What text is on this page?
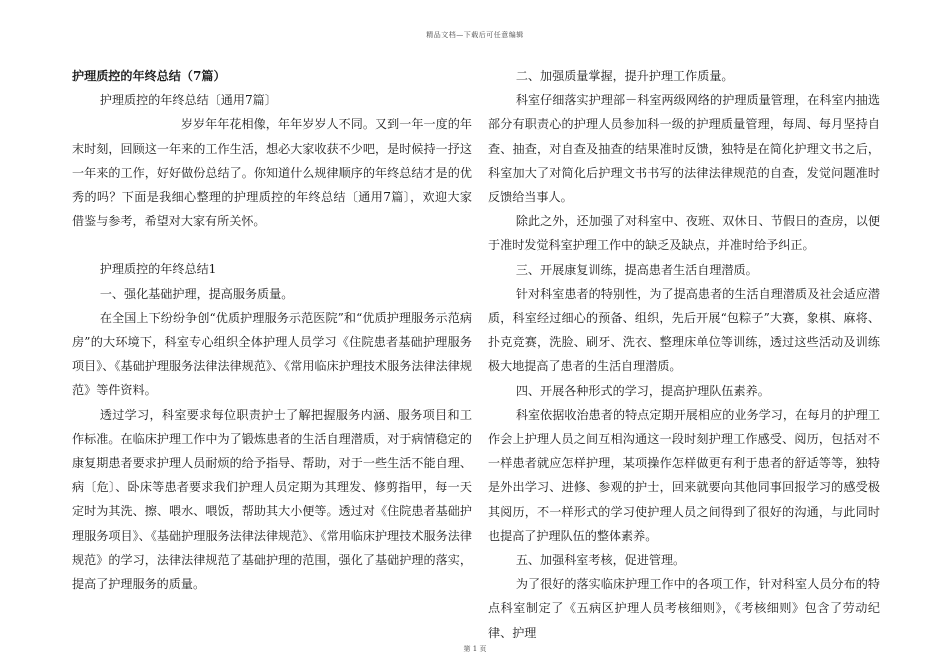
精品文档—下载后可任意编辑

护理质控的年终总结（7篇）

护理质控的年终总结〔通用7篇〕

岁岁年年花相像，年年岁岁人不同。又到一年一度的年末时刻，回顾这一年来的工作生活，想必大家收获不少吧，是时候持一抒这一年来的工作，好好做份总结了。你知道什么规律顺序的年终总结才是的优秀的吗？下面是我细心整理的护理质控的年终总结〔通用7篇〕，欢迎大家借鉴与参考，希望对大家有所关怀。

护理质控的年终总结1

一、强化基础护理，提高服务质量。

在全国上下纷纷争创“优质护理服务示范医院”和“优质护理服务示范病房”的大环境下，科室专心组织全体护理人员学习《住院患者基础护理服务项目》、《基础护理服务法律法律规范》、《常用临床护理技术服务法律法律规范》等件资料。

透过学习，科室要求每位职责护士了解把握服务内涵、服务项目和工作标准。在临床护理工作中为了锻炼患者的生活自理潜质，对于病情稳定的康复期患者要求护理人员耐烦的给予指导、帮助，对于一些生活不能自理、病〔危〕、卧床等患者要求我们护理人员定期为其理发、修剪指甲，每一天定时为其洗、擦、喂水、喂饭，帮助其大小便等。透过对《住院患者基础护理服务项目》、《基础护理服务法律法律规范》、《常用临床护理技术服务法律规范》的学习，法律法律规范了基础护理的范围，强化了基础护理的落实，提高了护理服务的质量。

二、加强质量掌握，提升护理工作质量。

科室仔细落实护理部－科室两级网络的护理质量管理，在科室内抽选部分有职责心的护理人员参加科一级的护理质量管理，每周、每月坚持自查、抽查，对自查及抽查的结果准时反馈，独特是在简化护理文书之后，科室加大了对简化后护理文书书写的法律法律规范的自查，发觉问题准时反馈给当事人。

除此之外，还加强了对科室中、夜班、双休日、节假日的查房，以便于准时发觉科室护理工作中的缺乏及缺点，并准时给予纠正。

三、开展康复训练，提高患者生活自理潜质。

针对科室患者的特别性，为了提高患者的生活自理潜质及社会适应潜质，科室经过细心的预备、组织，先后开展“包粽子”大赛，象棋、麻将、扑克竞赛，洗脸、刷牙、洗衣、整理床单位等训练，透过这些活动及训练极大地提高了患者的生活自理潜质。

四、开展各种形式的学习，提高护理队伍素养。

科室依据收治患者的特点定期开展相应的业务学习，在每月的护理工作会上护理人员之间互相沟通这一段时刻护理工作感受、阅历，包括对不一样患者就应怎样护理，某项操作怎样做更有利于患者的舒适等等，独特是外出学习、进修、参观的护士，回来就要向其他同事回报学习的感受极其阅历，不一样形式的学习使护理人员之间得到了很好的沟通，与此同时也提高了护理队伍的整体素养。

五、加强科室考核，促进管理。

为了很好的落实临床护理工作中的各项工作，针对科室人员分布的特点科室制定了《五病区护理人员考核细则》，《考核细则》包含了劳动纪律、护理

第 1 页
